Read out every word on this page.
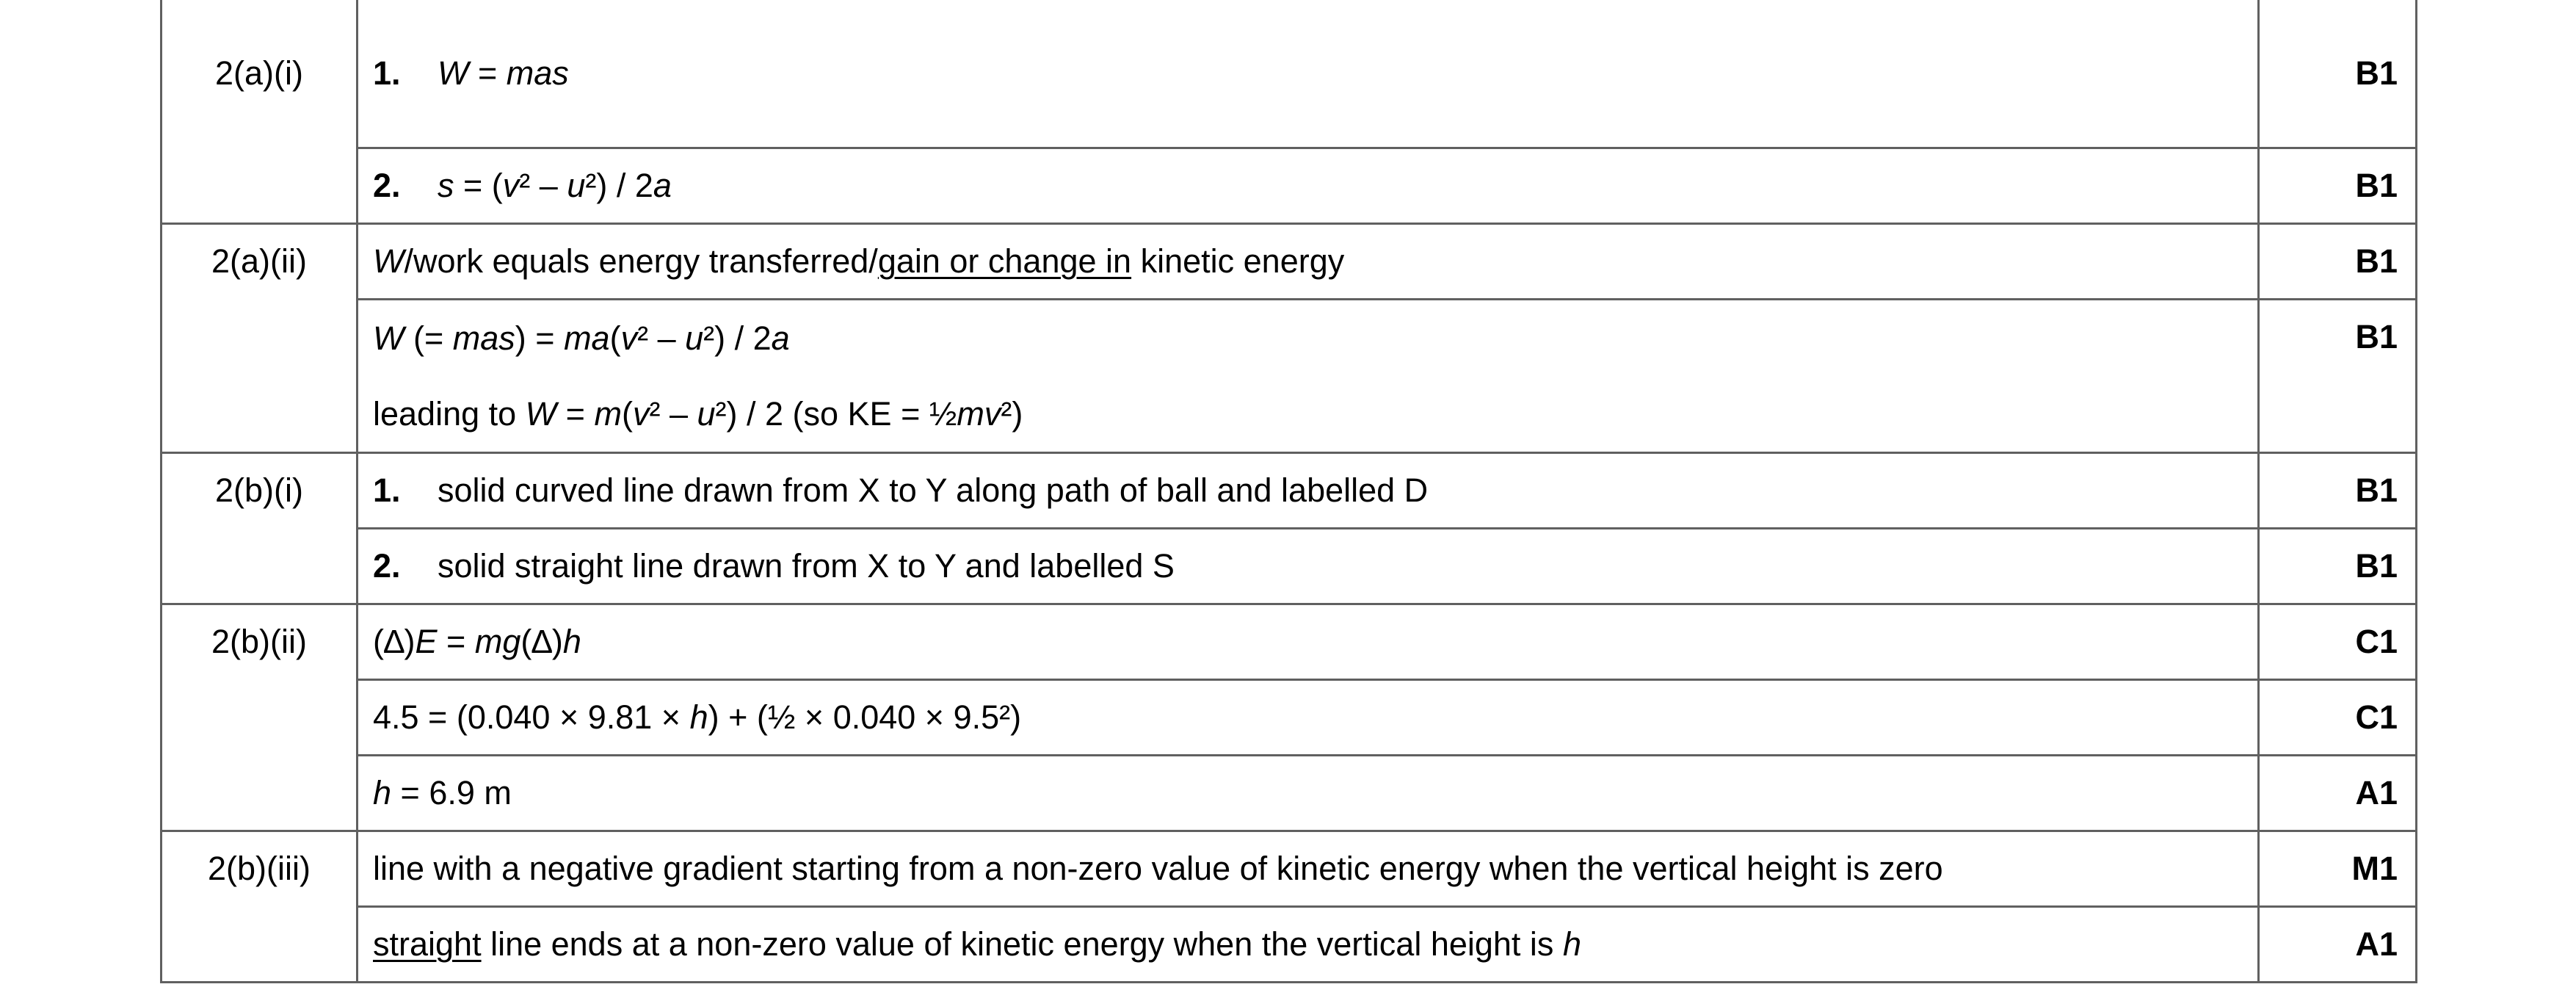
2(a)(i)	1. W = mas	B1
	2. s = (v² – u²) / 2a	B1
2(a)(ii)	W/work equals energy transferred/gain or change in kinetic energy	B1

	W (= mas) = ma(v² – u²) / 2a
leading to W = m(v² – u²) / 2 (so KE = ½mv²)	B1
2(b)(i)	1. solid curved line drawn from X to Y along path of ball and labelled D	B1
	2. solid straight line drawn from X to Y and labelled S	B1
2(b)(ii)	(∆)E = mg(∆)h	C1
	4.5 = (0.040 × 9.81 × h) + (½ × 0.040 × 9.5²)	C1
	h = 6.9 m	A1
2(b)(iii)	line with a negative gradient starting from a non-zero value of kinetic energy when the vertical height is zero	M1
	straight line ends at a non-zero value of kinetic energy when the vertical height is h	A1
